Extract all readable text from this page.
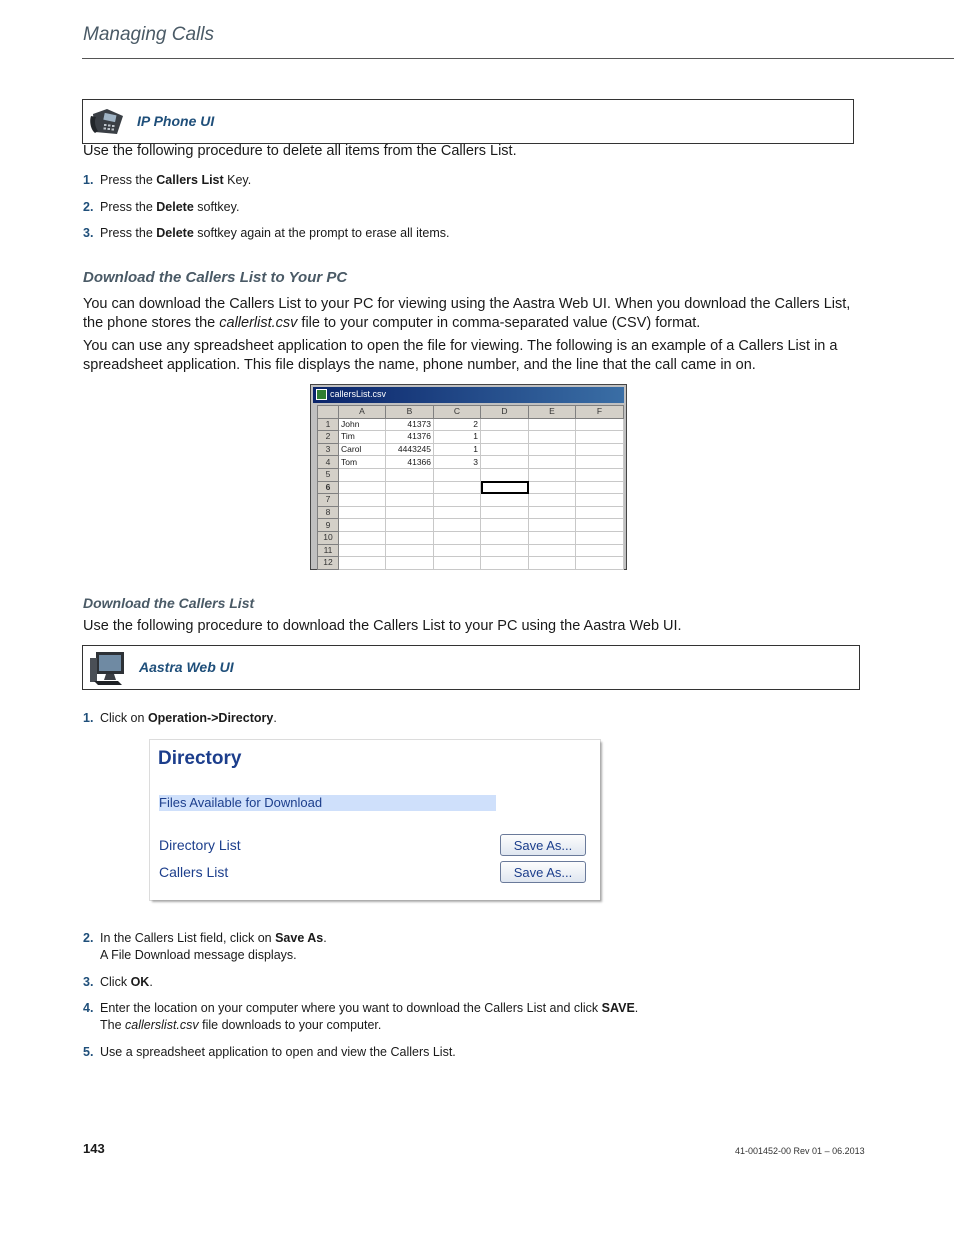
Managing Calls
IP Phone UI
Use the following procedure to delete all items from the Callers List.
1. Press the Callers List Key.
2. Press the Delete softkey.
3. Press the Delete softkey again at the prompt to erase all items.
Download the Callers List to Your PC
You can download the Callers List to your PC for viewing using the Aastra Web UI. When you download the Callers List, the phone stores the callerlist.csv file to your computer in comma-separated value (CSV) format.
You can use any spreadsheet application to open the file for viewing. The following is an example of a Callers List in a spreadsheet application. This file displays the name, phone number, and the line that the call came in on.
callersList.csv
	A	B	C	D	E	F
1	John	41373	2			
2	Tim	41376	1			
3	Carol	4443245	1			
4	Tom	41366	3			
5						
6						
7						
8						
9						
10						
11						
12						
Download the Callers List
Use the following procedure to download the Callers List to your PC using the Aastra Web UI.
Aastra Web UI
1. Click on Operation->Directory.
Directory
Files Available for Download
Directory List	Save As...
Callers List	Save As...
2. In the Callers List field, click on Save As.
A File Download message displays.
3. Click OK.
4. Enter the location on your computer where you want to download the Callers List and click SAVE.
The callerslist.csv file downloads to your computer.
5. Use a spreadsheet application to open and view the Callers List.
143	41-001452-00 Rev 01 – 06.2013
